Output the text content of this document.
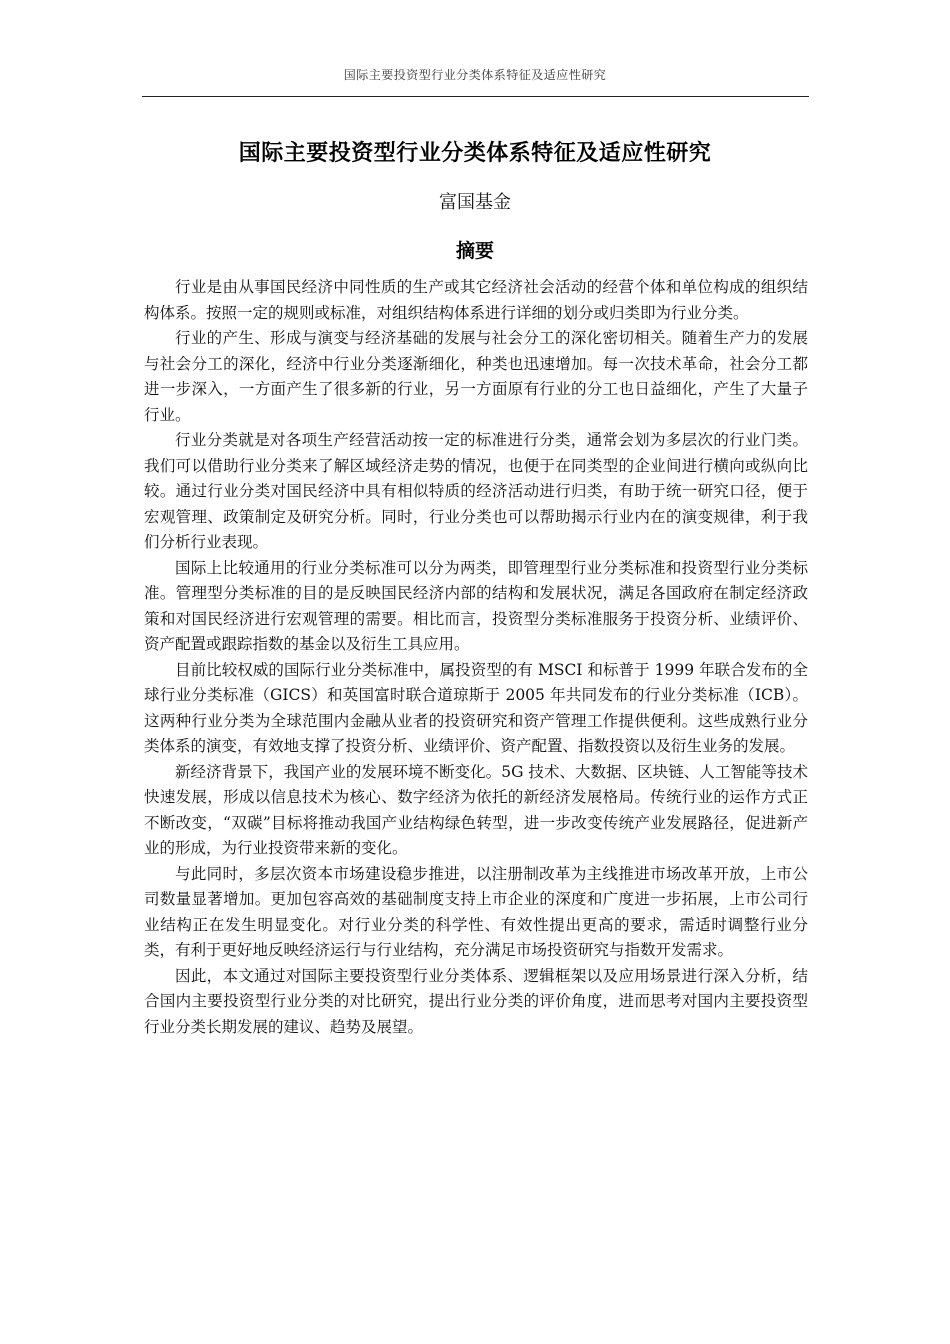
国际主要投资型行业分类体系特征及适应性研究
国际主要投资型行业分类体系特征及适应性研究
富国基金
摘要

行业是由从事国民经济中同性质的生产或其它经济社会活动的经营个体和单位构成的组织结构体系。按照一定的规则或标准，对组织结构体系进行详细的划分或归类即为行业分类。

行业的产生、形成与演变与经济基础的发展与社会分工的深化密切相关。随着生产力的发展与社会分工的深化，经济中行业分类逐渐细化，种类也迅速增加。每一次技术革命，社会分工都进一步深入，一方面产生了很多新的行业，另一方面原有行业的分工也日益细化，产生了大量子行业。

行业分类就是对各项生产经营活动按一定的标准进行分类，通常会划为多层次的行业门类。我们可以借助行业分类来了解区域经济走势的情况，也便于在同类型的企业间进行横向或纵向比较。通过行业分类对国民经济中具有相似特质的经济活动进行归类，有助于统一研究口径，便于宏观管理、政策制定及研究分析。同时，行业分类也可以帮助揭示行业内在的演变规律，利于我们分析行业表现。

国际上比较通用的行业分类标准可以分为两类，即管理型行业分类标准和投资型行业分类标准。管理型分类标准的目的是反映国民经济内部的结构和发展状况，满足各国政府在制定经济政策和对国民经济进行宏观管理的需要。相比而言，投资型分类标准服务于投资分析、业绩评价、资产配置或跟踪指数的基金以及衍生工具应用。

目前比较权威的国际行业分类标准中，属投资型的有 MSCI 和标普于 1999 年联合发布的全球行业分类标准（GICS）和英国富时联合道琼斯于 2005 年共同发布的行业分类标准（ICB）。这两种行业分类为全球范围内金融从业者的投资研究和资产管理工作提供便利。这些成熟行业分类体系的演变，有效地支撑了投资分析、业绩评价、资产配置、指数投资以及衍生业务的发展。

新经济背景下，我国产业的发展环境不断变化。5G 技术、大数据、区块链、人工智能等技术快速发展，形成以信息技术为核心、数字经济为依托的新经济发展格局。传统行业的运作方式正不断改变，“双碳”目标将推动我国产业结构绿色转型，进一步改变传统产业发展路径，促进新产业的形成，为行业投资带来新的变化。

与此同时，多层次资本市场建设稳步推进，以注册制改革为主线推进市场改革开放，上市公司数量显著增加。更加包容高效的基础制度支持上市企业的深度和广度进一步拓展，上市公司行业结构正在发生明显变化。对行业分类的科学性、有效性提出更高的要求，需适时调整行业分类，有利于更好地反映经济运行与行业结构，充分满足市场投资研究与指数开发需求。

因此，本文通过对国际主要投资型行业分类体系、逻辑框架以及应用场景进行深入分析，结合国内主要投资型行业分类的对比研究，提出行业分类的评价角度，进而思考对国内主要投资型行业分类长期发展的建议、趋势及展望。
